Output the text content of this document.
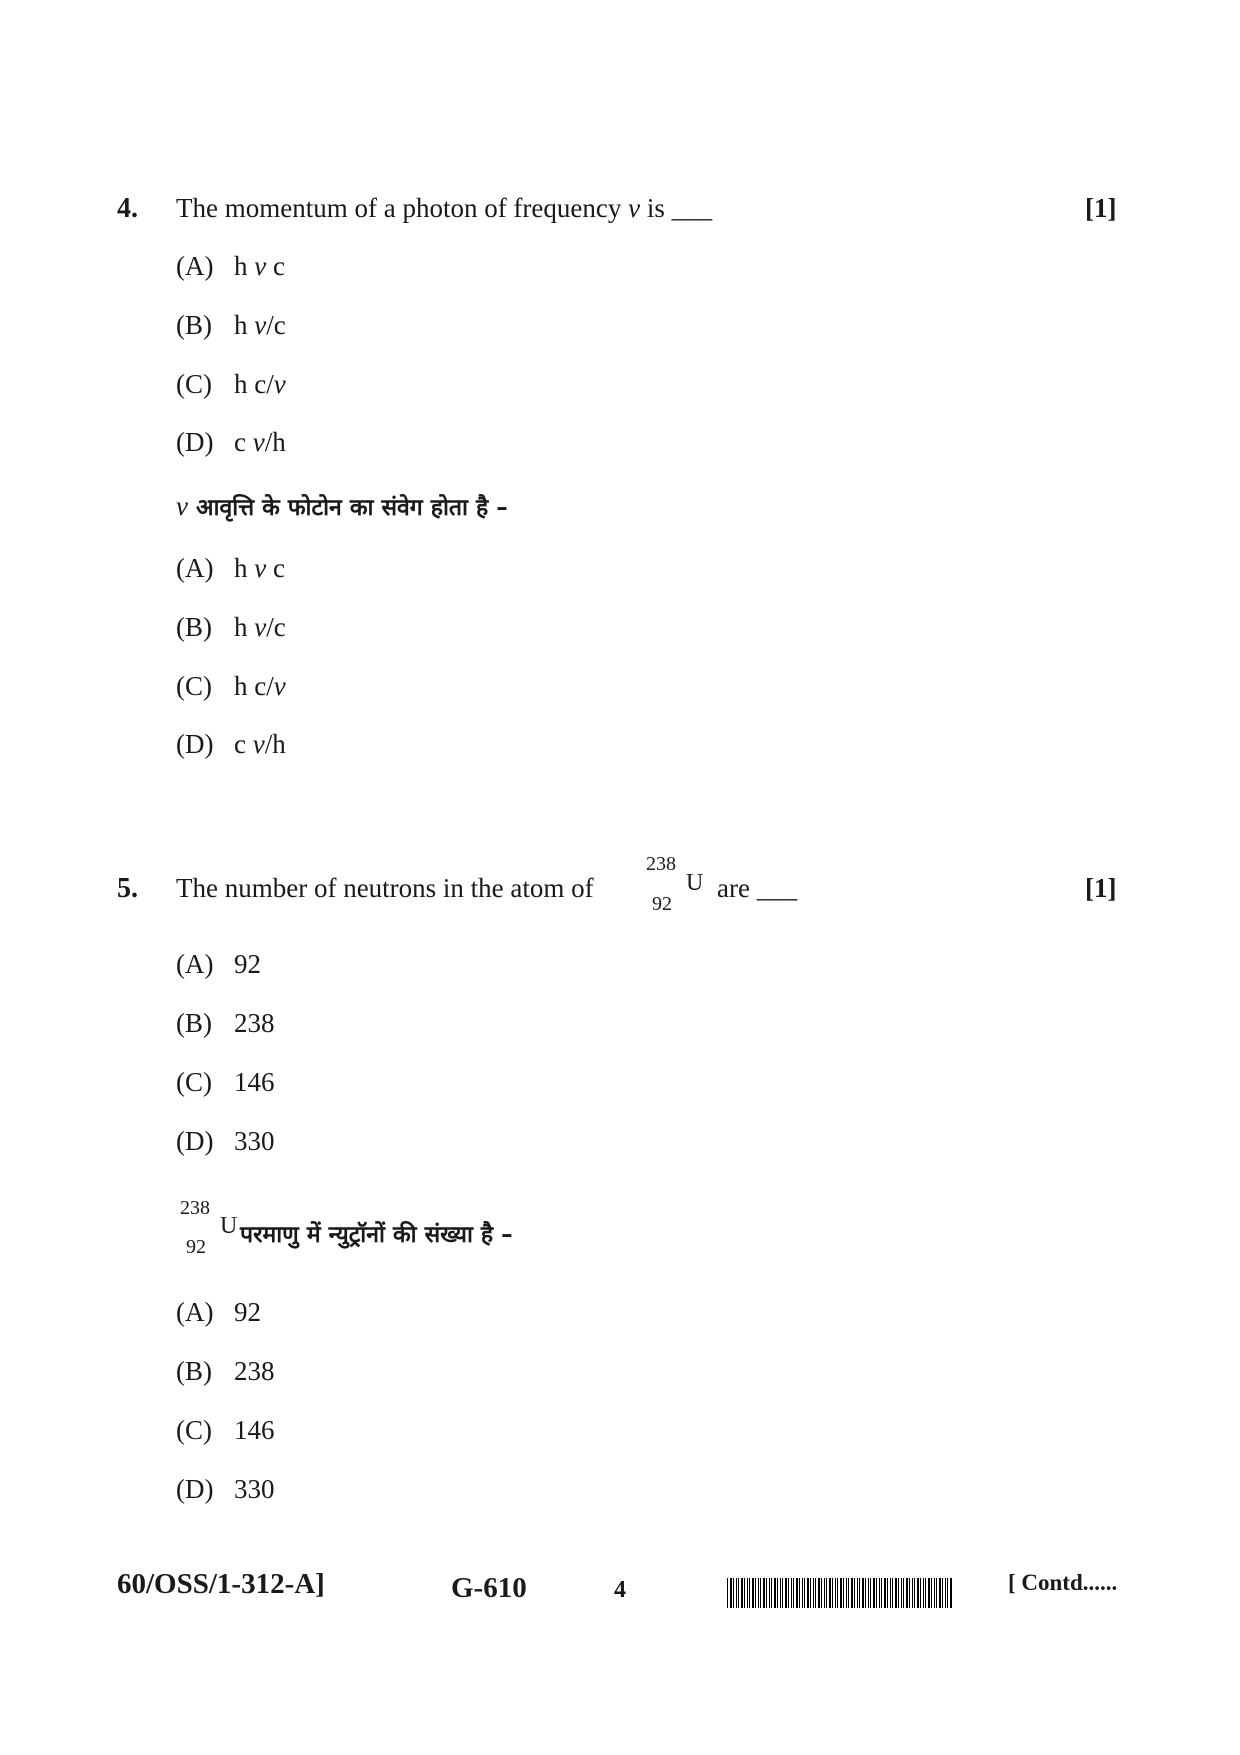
4. The momentum of a photon of frequency v is ___	[1]
(A) h v c
(B) h v/c
(C) h c/v
(D) c v/h
v आवृत्ति के फोटोन का संवेग होता है –
(A) h v c
(B) h v/c
(C) h c/v
(D) c v/h
5. The number of neutrons in the atom of
238
92
U are ___	[1]
(A) 92
(B) 238
(C) 146
(D) 330
238
92
U परमाणु में न्युट्रॉनों की संख्या है –
(A) 92
(B) 238
(C) 146
(D) 330
60/OSS/1-312-A]	G-610	4	[ Contd......
